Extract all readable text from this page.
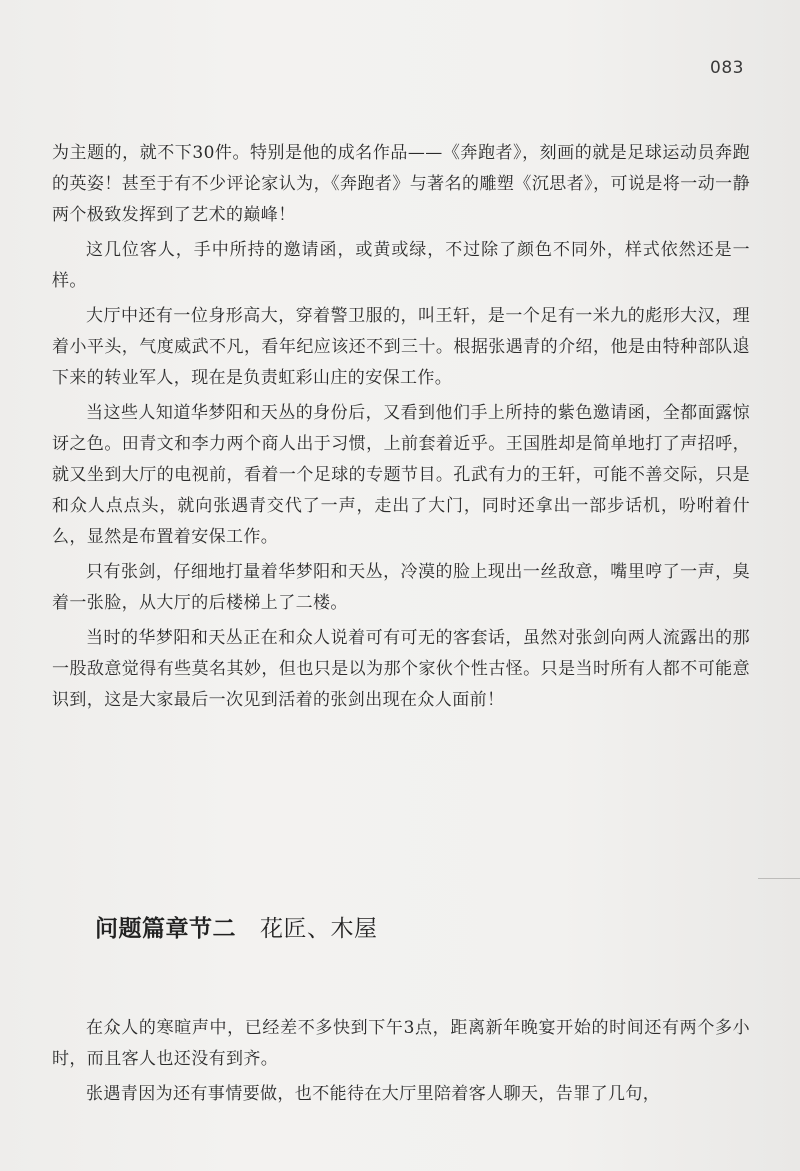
083

为主题的，就不下30件。特别是他的成名作品——《奔跑者》，刻画的就是足球运动员奔跑的英姿！甚至于有不少评论家认为，《奔跑者》与著名的雕塑《沉思者》，可说是将一动一静两个极致发挥到了艺术的巅峰！

这几位客人，手中所持的邀请函，或黄或绿，不过除了颜色不同外，样式依然还是一样。

大厅中还有一位身形高大，穿着警卫服的，叫王轩，是一个足有一米九的彪形大汉，理着小平头，气度威武不凡，看年纪应该还不到三十。根据张遇青的介绍，他是由特种部队退下来的转业军人，现在是负责虹彩山庄的安保工作。

当这些人知道华梦阳和天丛的身份后，又看到他们手上所持的紫色邀请函，全都面露惊讶之色。田青文和李力两个商人出于习惯，上前套着近乎。王国胜却是简单地打了声招呼，就又坐到大厅的电视前，看着一个足球的专题节目。孔武有力的王轩，可能不善交际，只是和众人点点头，就向张遇青交代了一声，走出了大门，同时还拿出一部步话机，吩咐着什么，显然是布置着安保工作。

只有张剑，仔细地打量着华梦阳和天丛，冷漠的脸上现出一丝敌意，嘴里哼了一声，臭着一张脸，从大厅的后楼梯上了二楼。

当时的华梦阳和天丛正在和众人说着可有可无的客套话，虽然对张剑向两人流露出的那一股敌意觉得有些莫名其妙，但也只是以为那个家伙个性古怪。只是当时所有人都不可能意识到，这是大家最后一次见到活着的张剑出现在众人面前！

问题篇章节二 花匠、木屋

在众人的寒暄声中，已经差不多快到下午3点，距离新年晚宴开始的时间还有两个多小时，而且客人也还没有到齐。

张遇青因为还有事情要做，也不能待在大厅里陪着客人聊天，告罪了几句，
